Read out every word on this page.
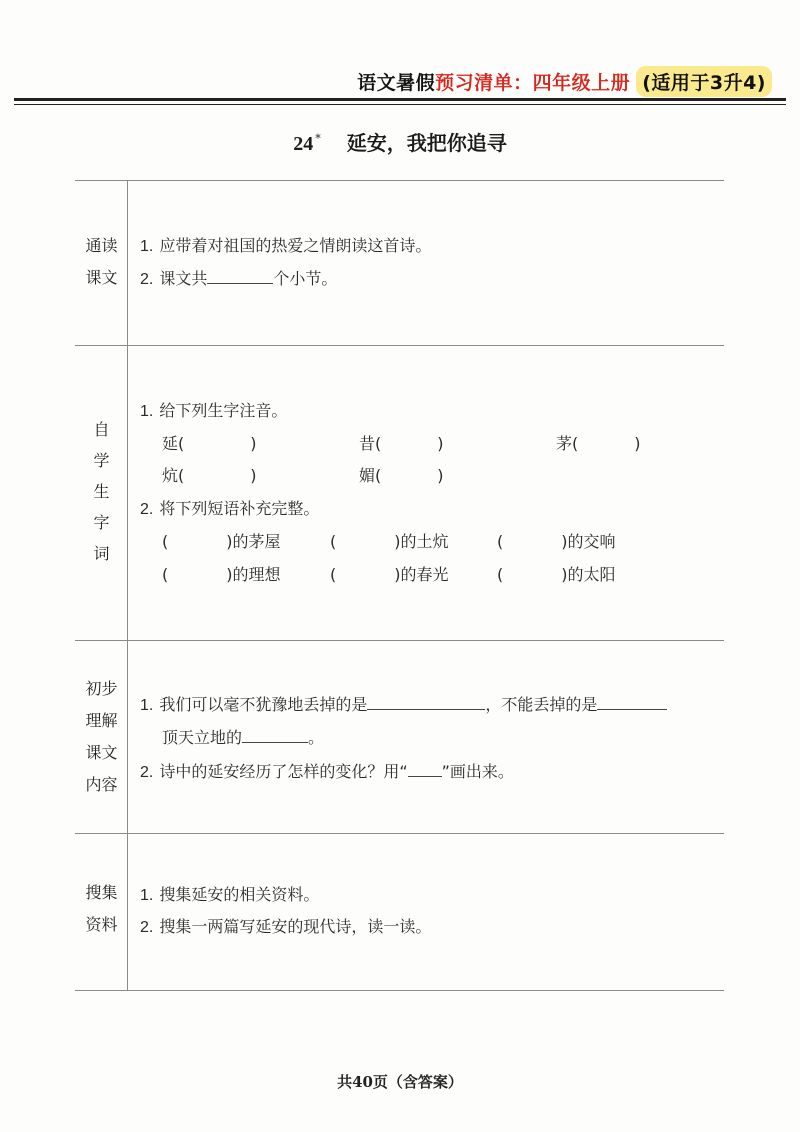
语文暑假 预习清单：四年级上册 (适用于3升4)
24 * 延安，我把你追寻
通读
课文
1. 应带着对祖国的热爱之情朗读这首诗。
2. 课文共	个小节。
自
学
生
字
词
1. 给下列生字注音。
延(	)	昔(	)	茅(	)
炕(	)	媚(	)
2. 将下列短语补充完整。
(	)的茅屋	(	)的土炕	(	)的交响
(	)的理想	(	)的春光	(	)的太阳
初步
理解
课文
内容
1. 我们可以毫不犹豫地丢掉的是	，不能丢掉的是
顶天立地的	。
2. 诗中的延安经历了怎样的变化？用“ ”画出来。
搜集
资料
1. 搜集延安的相关资料。
2. 搜集一两篇写延安的现代诗，读一读。
共40页（含答案）
